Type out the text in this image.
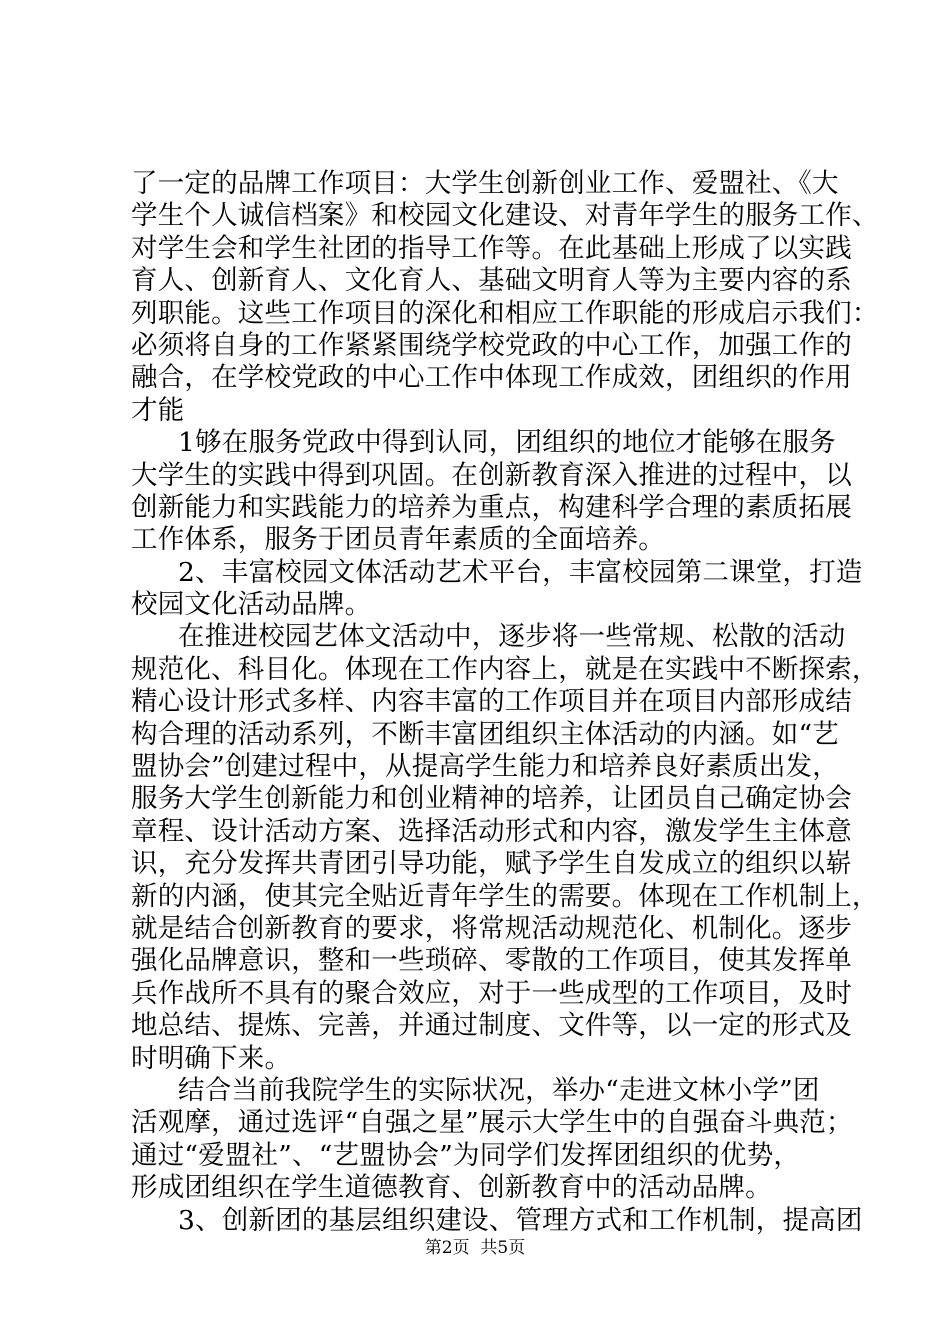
了一定的品牌工作项目：大学生创新创业工作、爱盟社、《大
学生个人诚信档案》和校园文化建设、对青年学生的服务工作、
对学生会和学生社团的指导工作等。在此基础上形成了以实践
育人、创新育人、文化育人、基础文明育人等为主要内容的系
列职能。这些工作项目的深化和相应工作职能的形成启示我们：
必须将自身的工作紧紧围绕学校党政的中心工作，加强工作的
融合，在学校党政的中心工作中体现工作成效，团组织的作用
才能
1够在服务党政中得到认同，团组织的地位才能够在服务
大学生的实践中得到巩固。在创新教育深入推进的过程中，以
创新能力和实践能力的培养为重点，构建科学合理的素质拓展
工作体系，服务于团员青年素质的全面培养。
2、丰富校园文体活动艺术平台，丰富校园第二课堂，打造
校园文化活动品牌。
在推进校园艺体文活动中，逐步将一些常规、松散的活动
规范化、科目化。体现在工作内容上，就是在实践中不断探索，
精心设计形式多样、内容丰富的工作项目并在项目内部形成结
构合理的活动系列，不断丰富团组织主体活动的内涵。如“艺
盟协会”创建过程中，从提高学生能力和培养良好素质出发，
服务大学生创新能力和创业精神的培养，让团员自己确定协会
章程、设计活动方案、选择活动形式和内容，激发学生主体意
识，充分发挥共青团引导功能，赋予学生自发成立的组织以崭
新的内涵，使其完全贴近青年学生的需要。体现在工作机制上，
就是结合创新教育的要求，将常规活动规范化、机制化。逐步
强化品牌意识，整和一些琐碎、零散的工作项目，使其发挥单
兵作战所不具有的聚合效应，对于一些成型的工作项目，及时
地总结、提炼、完善，并通过制度、文件等，以一定的形式及
时明确下来。
结合当前我院学生的实际状况，举办“走进文林小学”团
活观摩，通过选评“自强之星”展示大学生中的自强奋斗典范；
通过“爱盟社”、“艺盟协会”为同学们发挥团组织的优势，
形成团组织在学生道德教育、创新教育中的活动品牌。
3、创新团的基层组织建设、管理方式和工作机制，提高团
第2页  共5页
